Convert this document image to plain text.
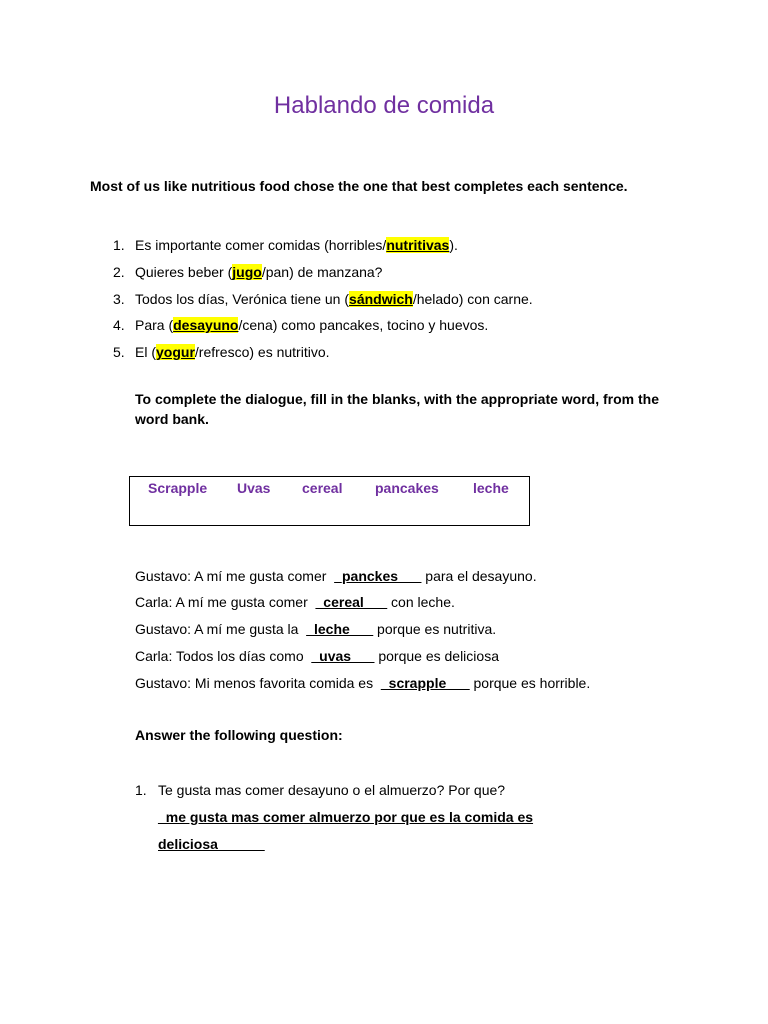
Hablando de comida
Most of us like nutritious food chose the one that best completes each sentence.
1. Es importante comer comidas (horribles/nutritivas).
2. Quieres beber (jugo/pan) de manzana?
3. Todos los días, Verónica tiene un (sándwich/helado) con carne.
4. Para (desayuno/cena) como pancakes, tocino y huevos.
5. El (yogur/refresco) es nutritivo.
To complete the dialogue, fill in the blanks, with the appropriate word, from the word bank.
Scrapple Uvas cereal pancakes leche
Gustavo: A mí me gusta comer  _panckes___ para el desayuno.
Carla: A mí me gusta comer  _cereal___ con leche.
Gustavo: A mí me gusta la  _leche___ porque es nutritiva.
Carla: Todos los días como  _uvas___ porque es deliciosa
Gustavo: Mi menos favorita comida es  _scrapple___ porque es horrible.
Answer the following question:
1. Te gusta mas comer desayuno o el almuerzo? Por que?
_me gusta mas comer almuerzo por que es la comida es
deliciosa______
